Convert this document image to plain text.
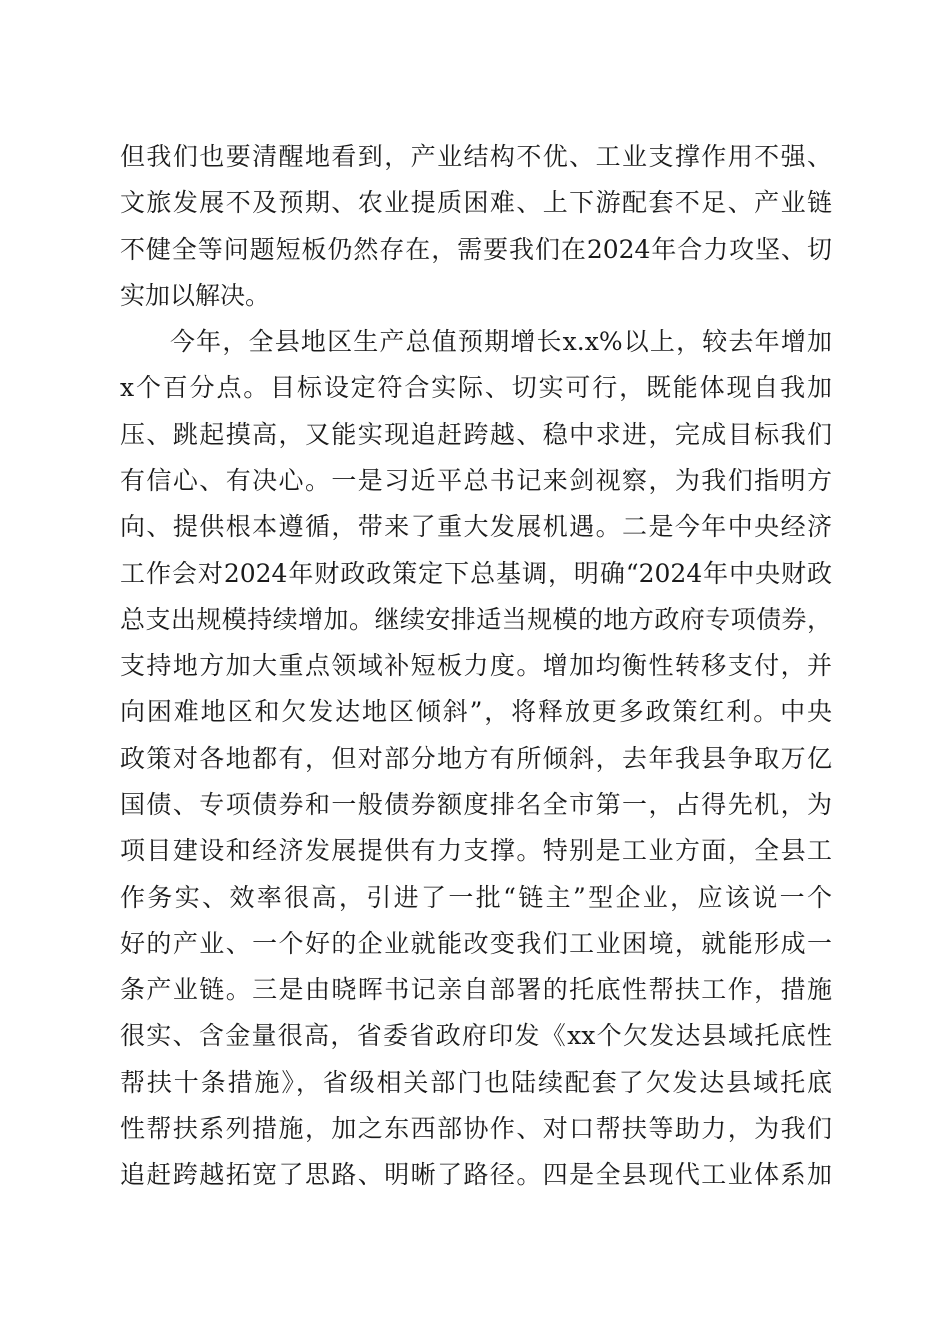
但我们也要清醒地看到，产业结构不优、工业支撑作用不强、
文旅发展不及预期、农业提质困难、上下游配套不足、产业链
不健全等问题短板仍然存在，需要我们在2024年合力攻坚、切
实加以解决。
今年，全县地区生产总值预期增长x.x%以上，较去年增加
x个百分点。目标设定符合实际、切实可行，既能体现自我加
压、跳起摸高，又能实现追赶跨越、稳中求进，完成目标我们
有信心、有决心。一是习近平总书记来剑视察，为我们指明方
向、提供根本遵循，带来了重大发展机遇。二是今年中央经济
工作会对2024年财政政策定下总基调，明确“2024年中央财政
总支出规模持续增加。继续安排适当规模的地方政府专项债券，
支持地方加大重点领域补短板力度。增加均衡性转移支付，并
向困难地区和欠发达地区倾斜”，将释放更多政策红利。中央
政策对各地都有，但对部分地方有所倾斜，去年我县争取万亿
国债、专项债券和一般债券额度排名全市第一，占得先机，为
项目建设和经济发展提供有力支撑。特别是工业方面，全县工
作务实、效率很高，引进了一批“链主”型企业，应该说一个
好的产业、一个好的企业就能改变我们工业困境，就能形成一
条产业链。三是由晓晖书记亲自部署的托底性帮扶工作，措施
很实、含金量很高，省委省政府印发《xx个欠发达县域托底性
帮扶十条措施》，省级相关部门也陆续配套了欠发达县域托底
性帮扶系列措施，加之东西部协作、对口帮扶等助力，为我们
追赶跨越拓宽了思路、明晰了路径。四是全县现代工业体系加
